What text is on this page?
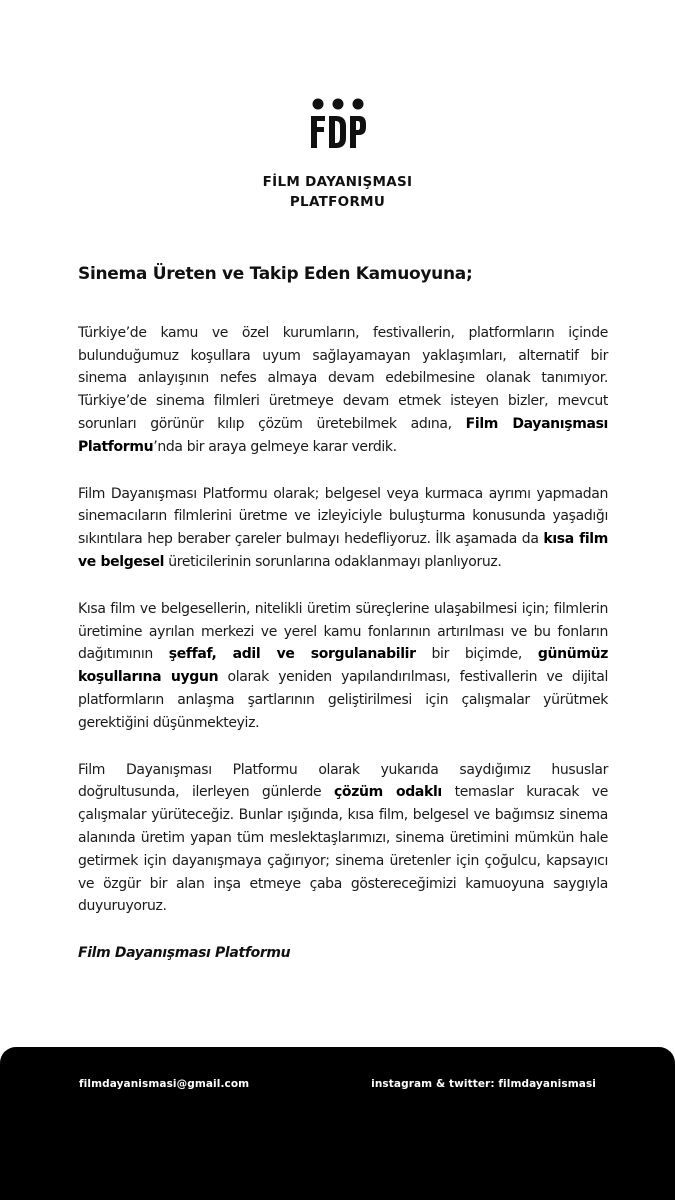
FİLM DAYANIŞMASI
PLATFORMU
Sinema Üreten ve Takip Eden Kamuoyuna;

Türkiye’de kamu ve özel kurumların, festivallerin, platformların içinde bulunduğumuz koşullara uyum sağlayamayan yaklaşımları, alternatif bir sinema anlayışının nefes almaya devam edebilmesine olanak tanımıyor. Türkiye’de sinema filmleri üretmeye devam etmek isteyen bizler, mevcut sorunları görünür kılıp çözüm üretebilmek adına, Film Dayanışması Platformu’nda bir araya gelmeye karar verdik.

Film Dayanışması Platformu olarak; belgesel veya kurmaca ayrımı yapmadan sinemacıların filmlerini üretme ve izleyiciyle buluşturma konusunda yaşadığı sıkıntılara hep beraber çareler bulmayı hedefliyoruz. İlk aşamada da kısa film ve belgesel üreticilerinin sorunlarına odaklanmayı planlıyoruz.

Kısa film ve belgesellerin, nitelikli üretim süreçlerine ulaşabilmesi için; filmlerin üretimine ayrılan merkezi ve yerel kamu fonlarının artırılması ve bu fonların dağıtımının şeffaf, adil ve sorgulanabilir bir biçimde, günümüz koşullarına uygun olarak yeniden yapılandırılması, festivallerin ve dijital platformların anlaşma şartlarının geliştirilmesi için çalışmalar yürütmek gerektiğini düşünmekteyiz.

Film Dayanışması Platformu olarak yukarıda saydığımız hususlar doğrultusunda, ilerleyen günlerde çözüm odaklı temaslar kuracak ve çalışmalar yürüteceğiz. Bunlar ışığında, kısa film, belgesel ve bağımsız sinema alanında üretim yapan tüm meslektaşlarımızı, sinema üretimini mümkün hale getirmek için dayanışmaya çağırıyor; sinema üretenler için çoğulcu, kapsayıcı ve özgür bir alan inşa etmeye çaba göstereceğimizi kamuoyuna saygıyla duyuruyoruz.

Film Dayanışması Platformu

filmdayanismasi@gmail.com	instagram & twitter: filmdayanismasi
